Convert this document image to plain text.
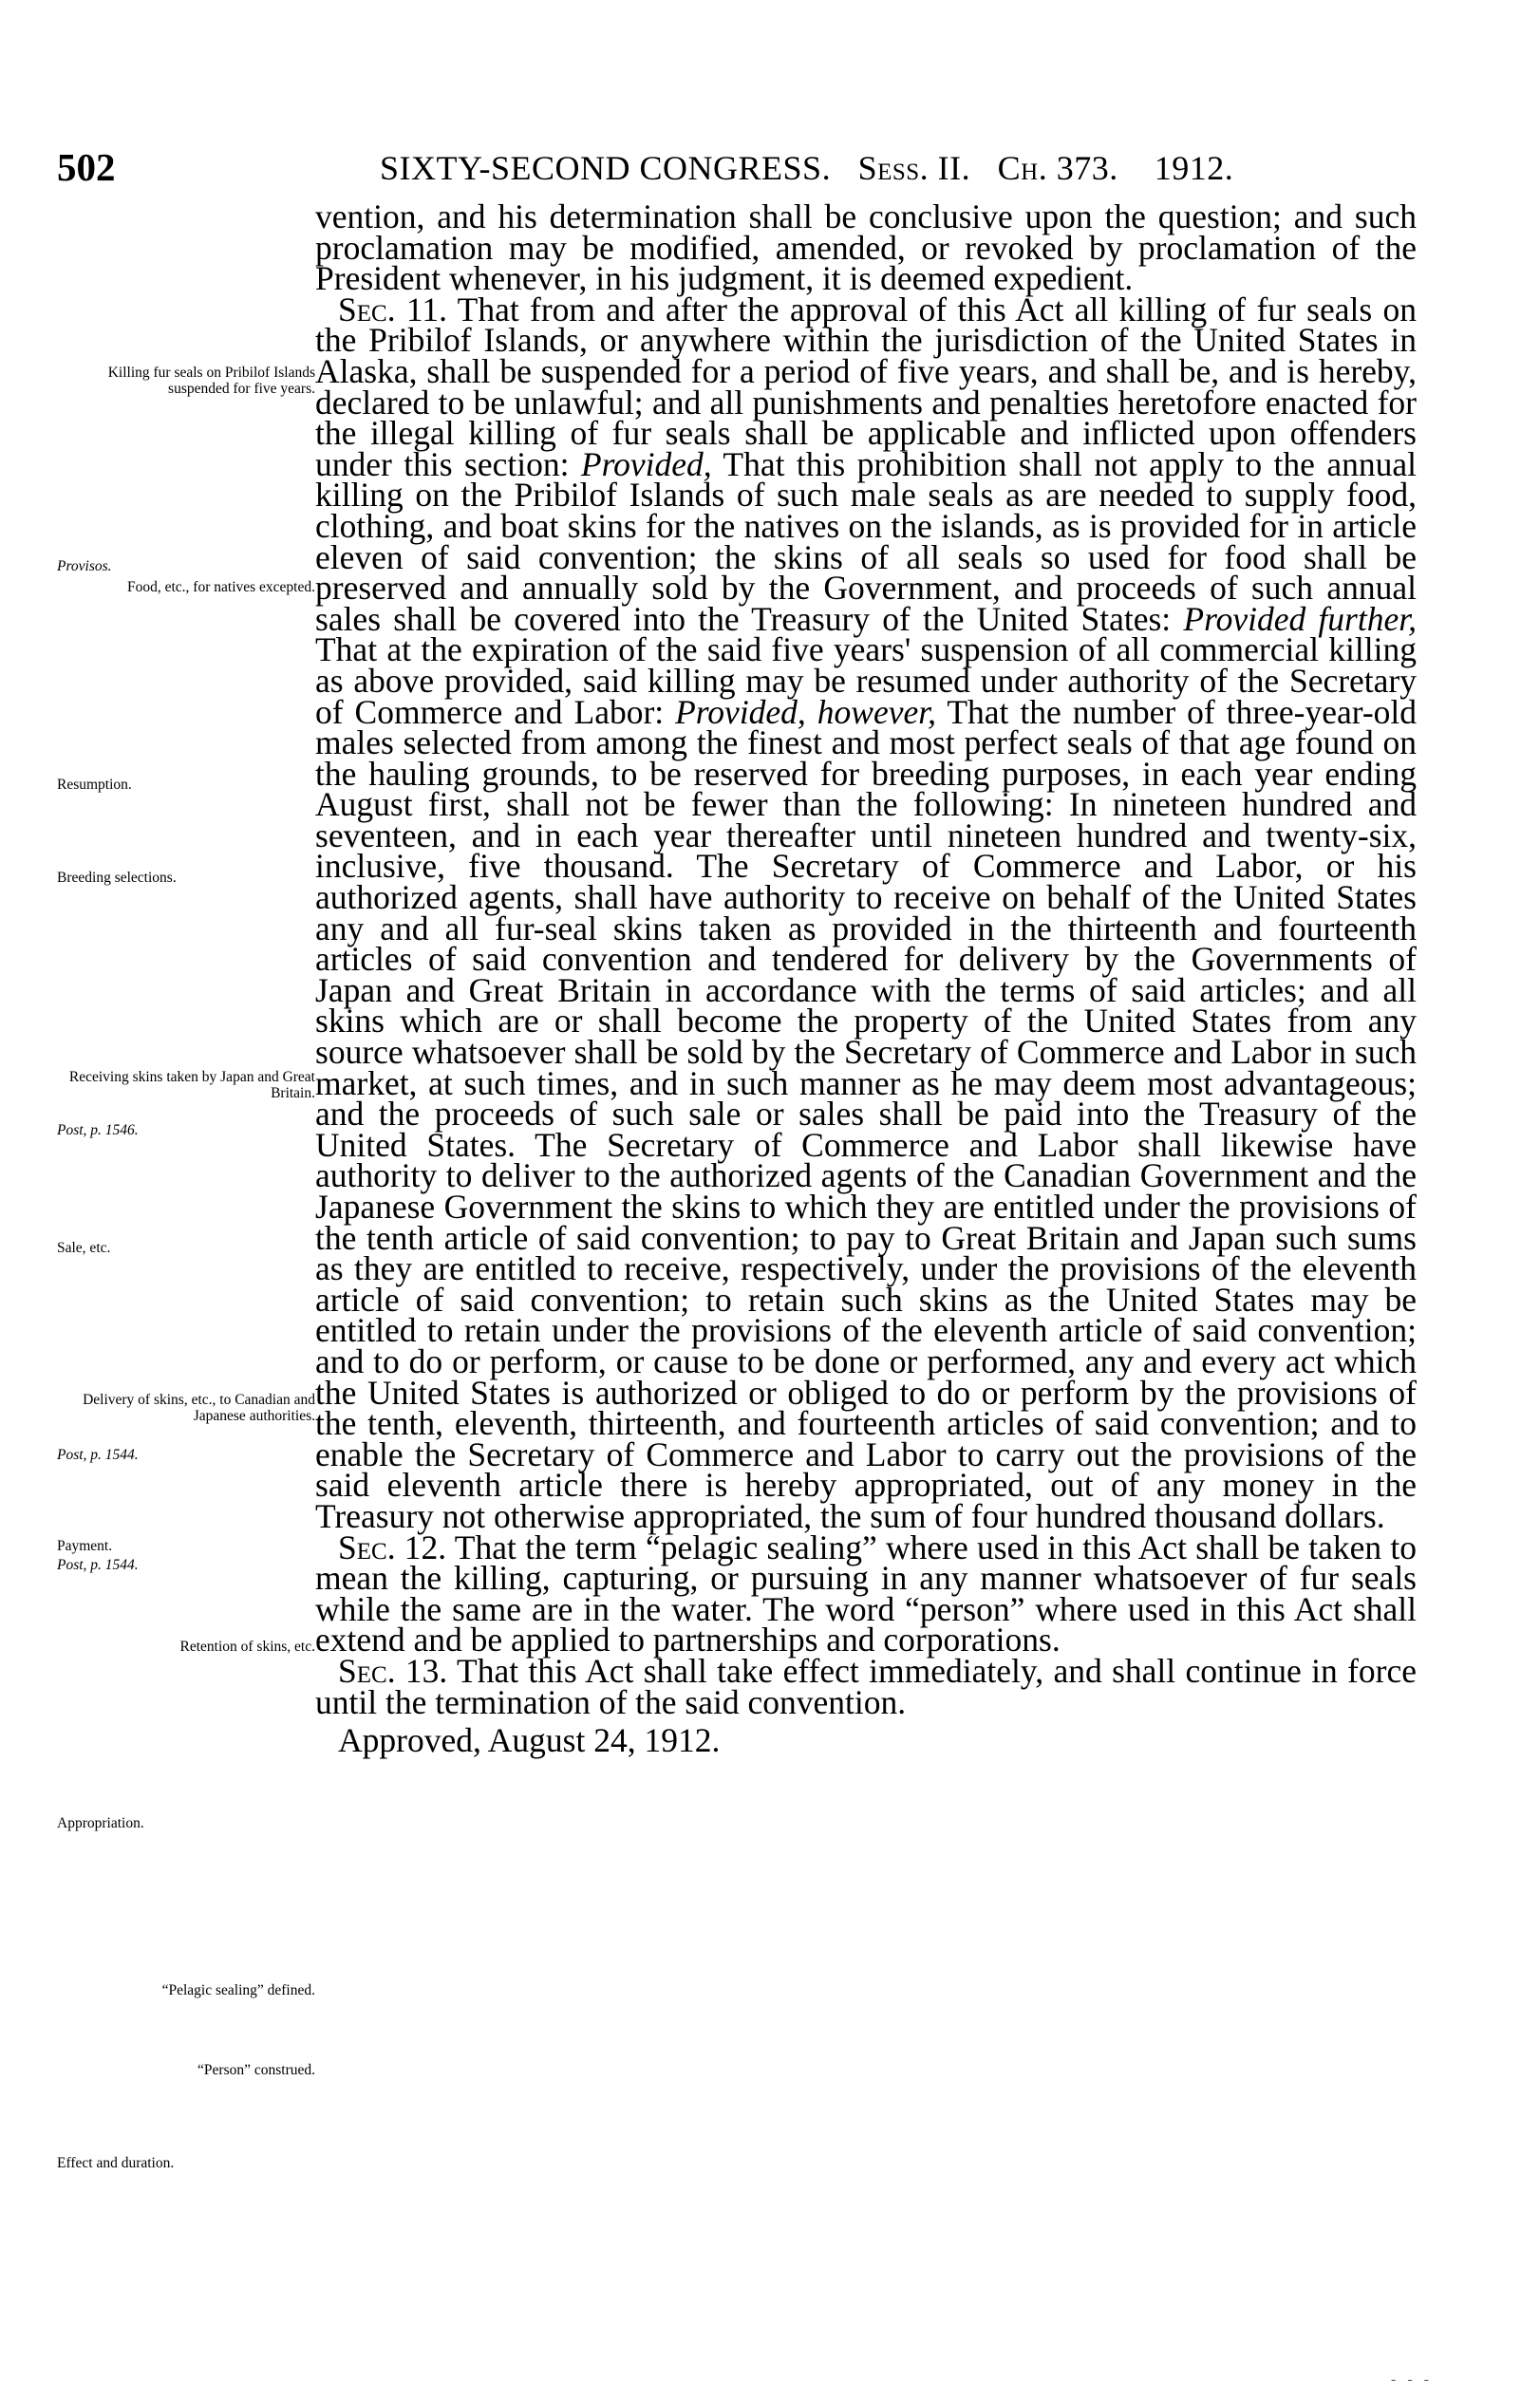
502	SIXTY-SECOND CONGRESS. Sess. II. Ch. 373. 1912.
Killing fur seals on Pribilof Islands suspended for five years.
Provisos.
Food, etc., for natives excepted.
Resumption.
Breeding selections.
Receiving skins taken by Japan and Great Britain.
Post, p. 1546.
Sale, etc.
Delivery of skins, etc., to Canadian and Japanese authorities.
Post, p. 1544.
Payment.
Post, p. 1544.
Retention of skins, etc.
Appropriation.
“Pelagic sealing” defined.
“Person” construed.
Effect and duration.

vention, and his determination shall be conclusive upon the question; and such proclamation may be modified, amended, or revoked by proclamation of the President whenever, in his judgment, it is deemed expedient.

Sec. 11. That from and after the approval of this Act all killing of fur seals on the Pribilof Islands, or anywhere within the jurisdiction of the United States in Alaska, shall be suspended for a period of five years, and shall be, and is hereby, declared to be unlawful; and all punishments and penalties heretofore enacted for the illegal killing of fur seals shall be applicable and inflicted upon offenders under this section: Provided, That this prohibition shall not apply to the annual killing on the Pribilof Islands of such male seals as are needed to supply food, clothing, and boat skins for the natives on the islands, as is provided for in article eleven of said convention; the skins of all seals so used for food shall be preserved and annually sold by the Government, and proceeds of such annual sales shall be covered into the Treasury of the United States: Provided further, That at the expiration of the said five years' suspension of all commercial killing as above provided, said killing may be resumed under authority of the Secretary of Commerce and Labor: Provided, however, That the number of three-year-old males selected from among the finest and most perfect seals of that age found on the hauling grounds, to be reserved for breeding purposes, in each year ending August first, shall not be fewer than the following: In nineteen hundred and seventeen, and in each year thereafter until nineteen hundred and twenty-six, inclusive, five thousand. The Secretary of Commerce and Labor, or his authorized agents, shall have authority to receive on behalf of the United States any and all fur-seal skins taken as provided in the thirteenth and fourteenth articles of said convention and tendered for delivery by the Governments of Japan and Great Britain in accordance with the terms of said articles; and all skins which are or shall become the property of the United States from any source whatsoever shall be sold by the Secretary of Commerce and Labor in such market, at such times, and in such manner as he may deem most advantageous; and the proceeds of such sale or sales shall be paid into the Treasury of the United States. The Secretary of Commerce and Labor shall likewise have authority to deliver to the authorized agents of the Canadian Government and the Japanese Government the skins to which they are entitled under the provisions of the tenth article of said convention; to pay to Great Britain and Japan such sums as they are entitled to receive, respectively, under the provisions of the eleventh article of said convention; to retain such skins as the United States may be entitled to retain under the provisions of the eleventh article of said convention; and to do or perform, or cause to be done or performed, any and every act which the United States is authorized or obliged to do or perform by the provisions of the tenth, eleventh, thirteenth, and fourteenth articles of said convention; and to enable the Secretary of Commerce and Labor to carry out the provisions of the said eleventh article there is hereby appropriated, out of any money in the Treasury not otherwise appropriated, the sum of four hundred thousand dollars.

Sec. 12. That the term “pelagic sealing” where used in this Act shall be taken to mean the killing, capturing, or pursuing in any manner whatsoever of fur seals while the same are in the water. The word “person” where used in this Act shall extend and be applied to partnerships and corporations.

Sec. 13. That this Act shall take effect immediately, and shall continue in force until the termination of the said convention.

Approved, August 24, 1912.

- - -
